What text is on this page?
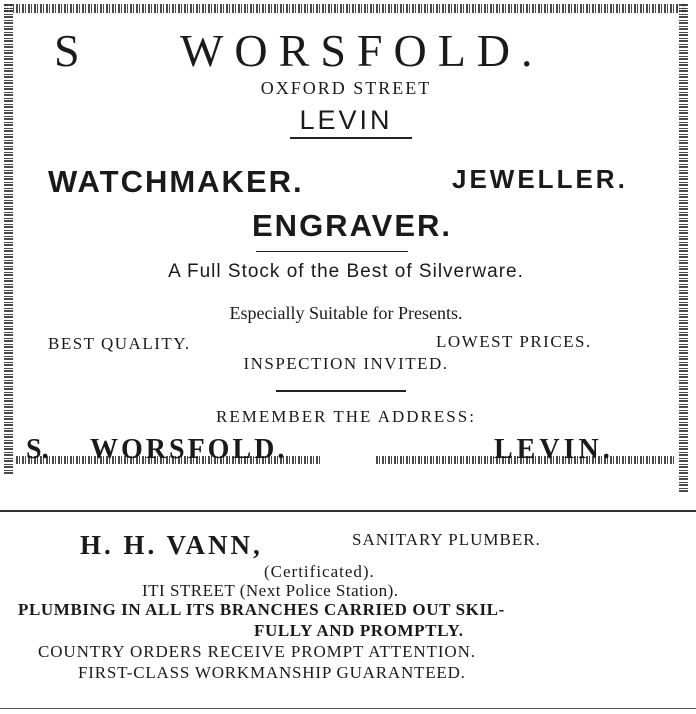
S WORSFOLD.
OXFORD STREET
LEVIN
WATCHMAKER.	JEWELLER.
ENGRAVER.
A Full Stock of the Best of Silverware.
Especially Suitable for Presents.
BEST QUALITY.	LOWEST PRICES.
INSPECTION INVITED.
REMEMBER THE ADDRESS:
S. WORSFOLD.	LEVIN.
H. H. VANN,	SANITARY PLUMBER.
(Certificated).
ITI STREET (Next Police Station).
PLUMBING IN ALL ITS BRANCHES CARRIED OUT SKIL-
FULLY AND PROMPTLY.
COUNTRY ORDERS RECEIVE PROMPT ATTENTION.
FIRST-CLASS WORKMANSHIP GUARANTEED.
